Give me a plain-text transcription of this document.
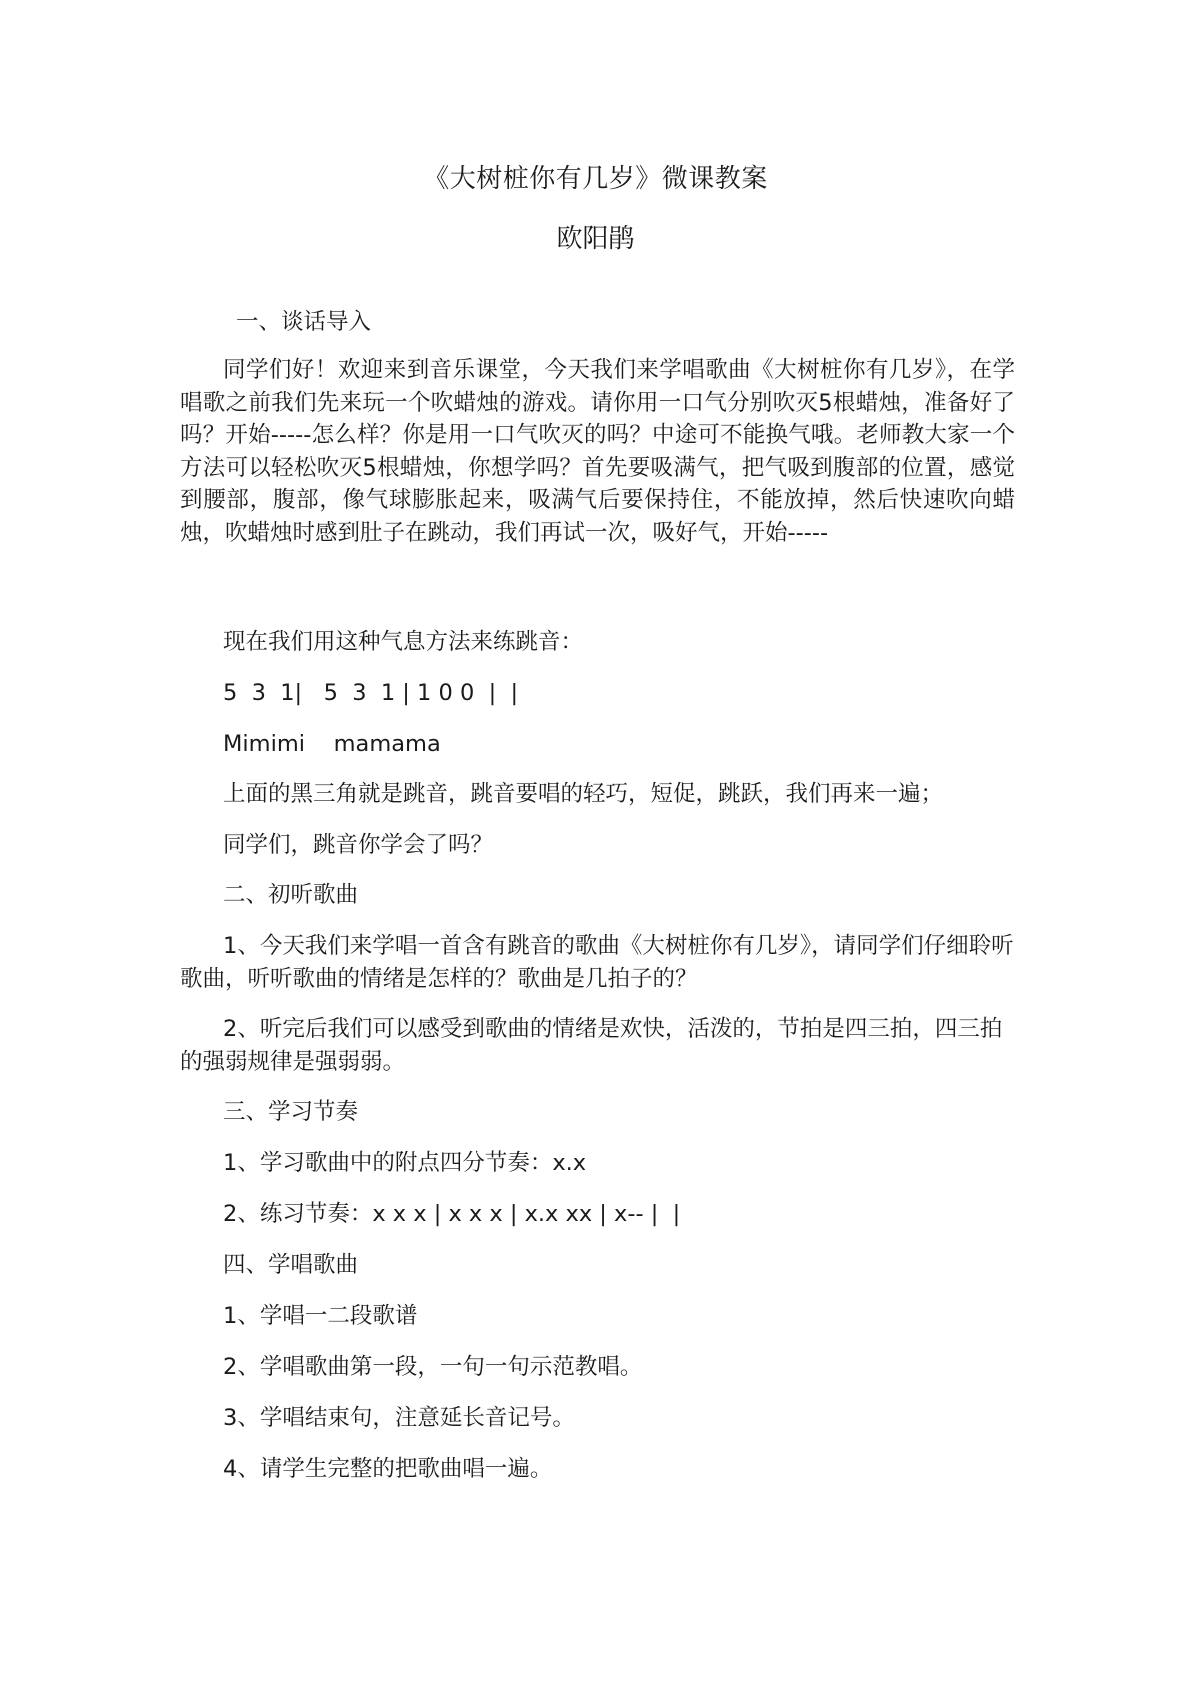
《大树桩你有几岁》微课教案
欧阳鹃
一、谈话导入
同学们好！欢迎来到音乐课堂，今天我们来学唱歌曲《大树桩你有几岁》，在学唱歌之前我们先来玩一个吹蜡烛的游戏。请你用一口气分别吹灭5根蜡烛，准备好了吗？开始-----怎么样？你是用一口气吹灭的吗？中途可不能换气哦。老师教大家一个方法可以轻松吹灭5根蜡烛，你想学吗？首先要吸满气，把气吸到腹部的位置，感觉到腰部，腹部，像气球膨胀起来，吸满气后要保持住，不能放掉，然后快速吹向蜡烛，吹蜡烛时感到肚子在跳动，我们再试一次，吸好气，开始-----
现在我们用这种气息方法来练跳音：
5  3  1|   5  3  1 | 1 0 0  |  |
Mimimi    mamama
上面的黑三角就是跳音，跳音要唱的轻巧，短促，跳跃，我们再来一遍；
同学们，跳音你学会了吗？
二、初听歌曲
1、今天我们来学唱一首含有跳音的歌曲《大树桩你有几岁》，请同学们仔细聆听歌曲，听听歌曲的情绪是怎样的？歌曲是几拍子的？
2、听完后我们可以感受到歌曲的情绪是欢快，活泼的，节拍是四三拍，四三拍的强弱规律是强弱弱。
三、学习节奏
1、学习歌曲中的附点四分节奏：x.x
2、练习节奏：x x x | x x x | x.x xx | x-- |  |
四、学唱歌曲
1、学唱一二段歌谱
2、学唱歌曲第一段，一句一句示范教唱。
3、学唱结束句，注意延长音记号。
4、请学生完整的把歌曲唱一遍。
